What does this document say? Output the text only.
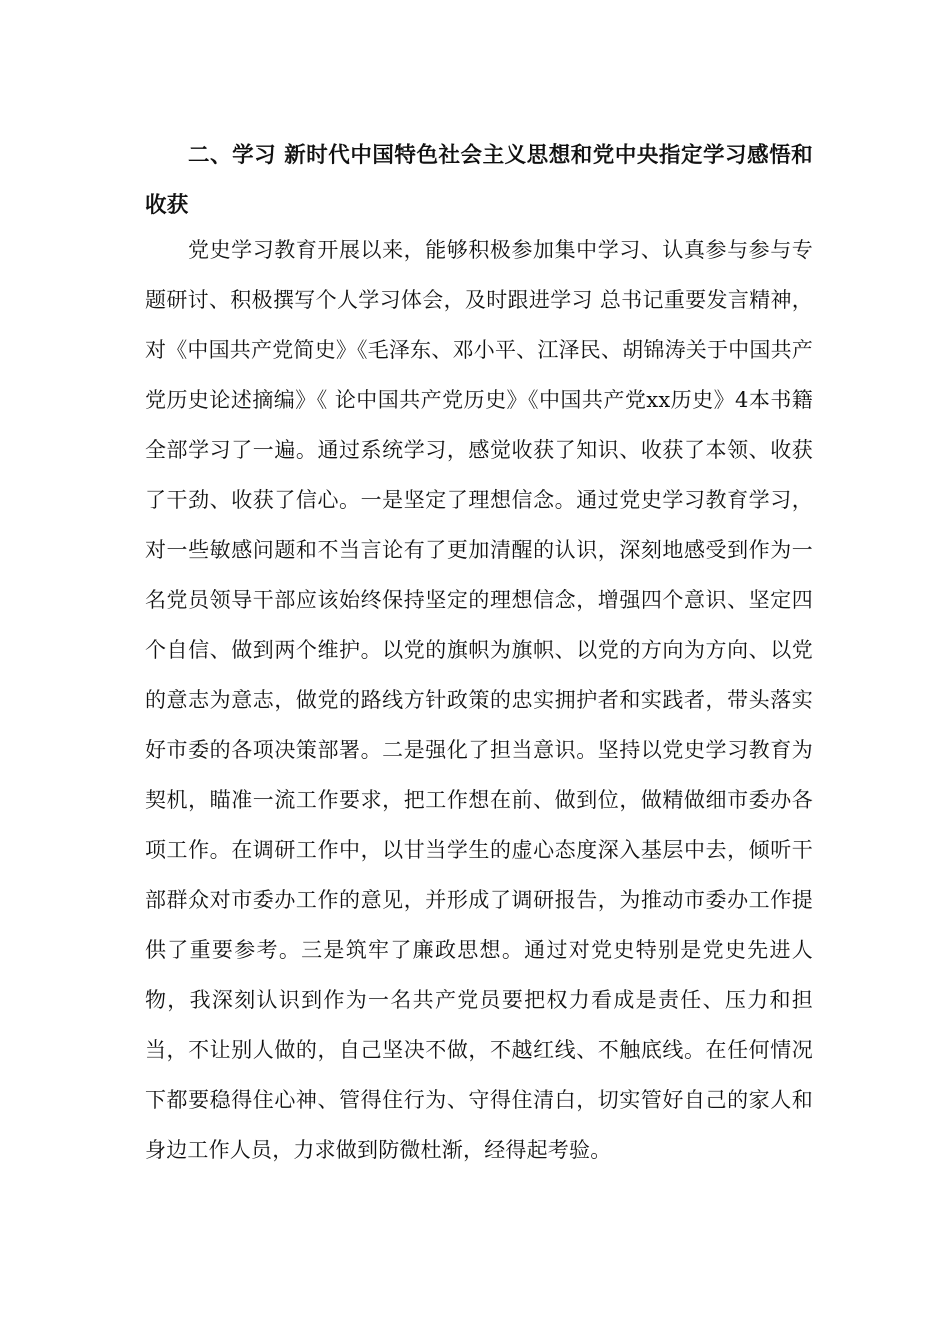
二、学习 新时代中国特色社会主义思想和党中央指定学习感悟和收获

党史学习教育开展以来，能够积极参加集中学习、认真参与参与专题研讨、积极撰写个人学习体会，及时跟进学习 总书记重要发言精神，对《中国共产党简史》《毛泽东、邓小平、江泽民、胡锦涛关于中国共产党历史论述摘编》《 论中国共产党历史》《中国共产党xx历史》4本书籍全部学习了一遍。通过系统学习，感觉收获了知识、收获了本领、收获了干劲、收获了信心。一是坚定了理想信念。通过党史学习教育学习，对一些敏感问题和不当言论有了更加清醒的认识，深刻地感受到作为一名党员领导干部应该始终保持坚定的理想信念，增强四个意识、坚定四个自信、做到两个维护。以党的旗帜为旗帜、以党的方向为方向、以党的意志为意志，做党的路线方针政策的忠实拥护者和实践者，带头落实好市委的各项决策部署。二是强化了担当意识。坚持以党史学习教育为契机，瞄准一流工作要求，把工作想在前、做到位，做精做细市委办各项工作。在调研工作中，以甘当学生的虚心态度深入基层中去，倾听干部群众对市委办工作的意见，并形成了调研报告，为推动市委办工作提供了重要参考。三是筑牢了廉政思想。通过对党史特别是党史先进人物，我深刻认识到作为一名共产党员要把权力看成是责任、压力和担当，不让别人做的，自己坚决不做，不越红线、不触底线。在任何情况下都要稳得住心神、管得住行为、守得住清白，切实管好自己的家人和身边工作人员，力求做到防微杜渐，经得起考验。
